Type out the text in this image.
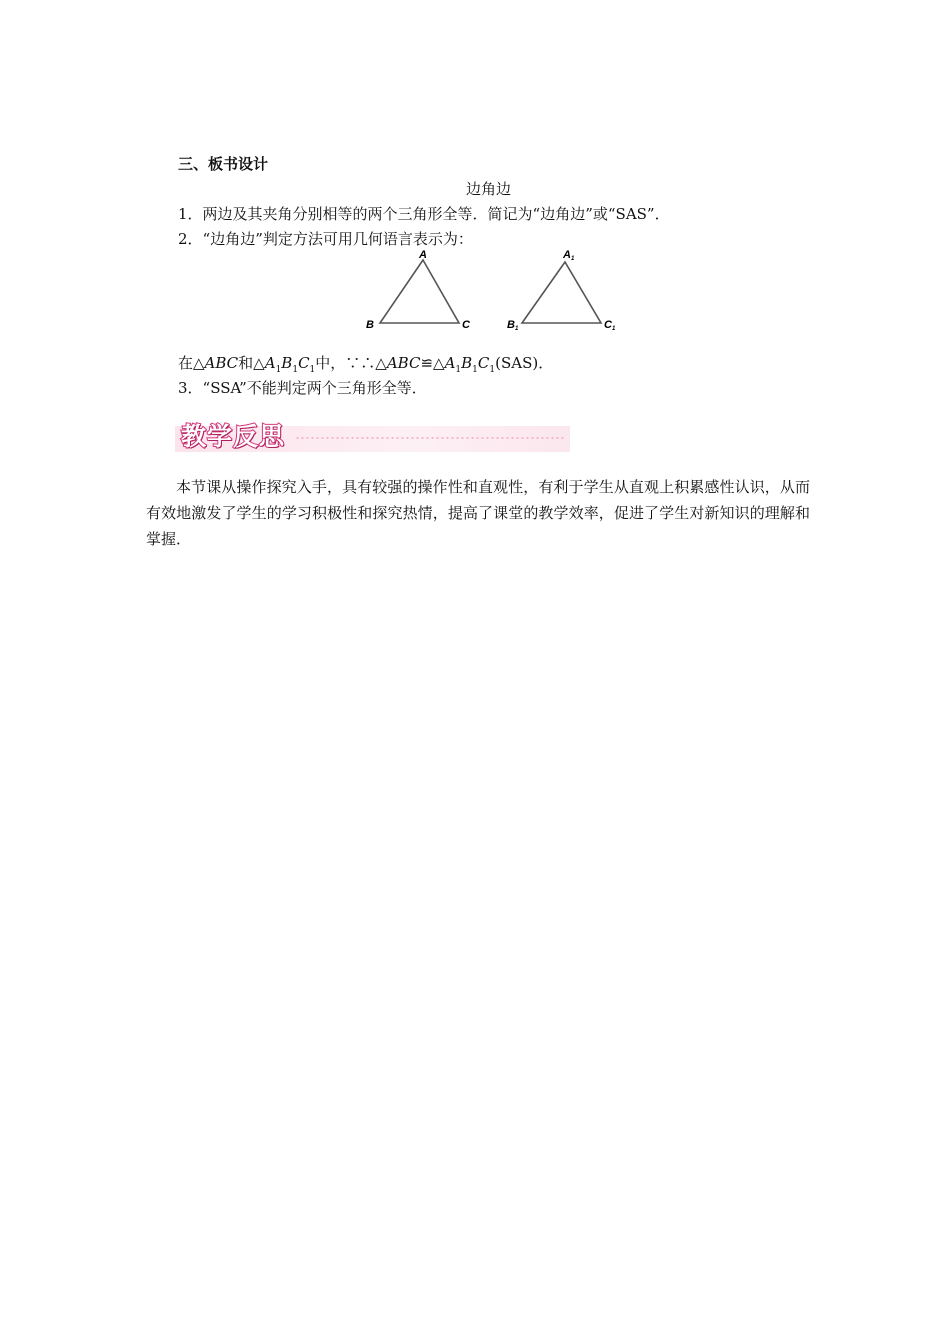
三、板书设计
边角边
1．两边及其夹角分别相等的两个三角形全等．简记为“边角边”或“SAS”．
2．“边角边”判定方法可用几何语言表示为：
A
B	C
A1
B1	C1
在△ABC和$\triangle A_1B_1C_1$中，$\because\therefore\triangle ABC≌\triangle A_1B_1C_1(SAS)$．
3．“SSA”不能判定两个三角形全等．
教学反思
本节课从操作探究入手，具有较强的操作性和直观性，有利于学生从直观上积累感性认识，从而有效地激发了学生的学习积极性和探究热情，提高了课堂的教学效率，促进了学生对新知识的理解和掌握．
